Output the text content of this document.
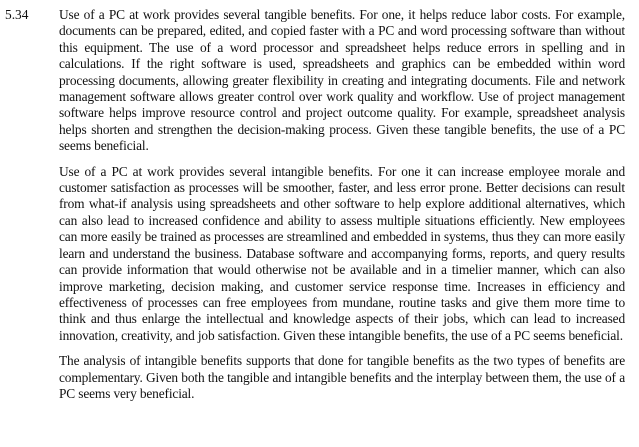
5.34 Use of a PC at work provides several tangible benefits. For one, it helps reduce labor costs. For example, documents can be prepared, edited, and copied faster with a PC and word processing software than without this equipment. The use of a word processor and spreadsheet helps reduce errors in spelling and in calculations. If the right software is used, spreadsheets and graphics can be embedded within word processing documents, allowing greater flexibility in creating and integrating documents. File and network management software allows greater control over work quality and workflow. Use of project management software helps improve resource control and project outcome quality. For example, spreadsheet analysis helps shorten and strengthen the decision-making process. Given these tangible benefits, the use of a PC seems beneficial.

Use of a PC at work provides several intangible benefits. For one it can increase employee morale and customer satisfaction as processes will be smoother, faster, and less error prone. Better decisions can result from what-if analysis using spreadsheets and other software to help explore additional alternatives, which can also lead to increased confidence and ability to assess multiple situations efficiently. New employees can more easily be trained as processes are streamlined and embedded in systems, thus they can more easily learn and understand the business. Database software and accompanying forms, reports, and query results can provide information that would otherwise not be available and in a timelier manner, which can also improve marketing, decision making, and customer service response time. Increases in efficiency and effectiveness of processes can free employees from mundane, routine tasks and give them more time to think and thus enlarge the intellectual and knowledge aspects of their jobs, which can lead to increased innovation, creativity, and job satisfaction. Given these intangible benefits, the use of a PC seems beneficial.

The analysis of intangible benefits supports that done for tangible benefits as the two types of benefits are complementary. Given both the tangible and intangible benefits and the interplay between them, the use of a PC seems very beneficial.
